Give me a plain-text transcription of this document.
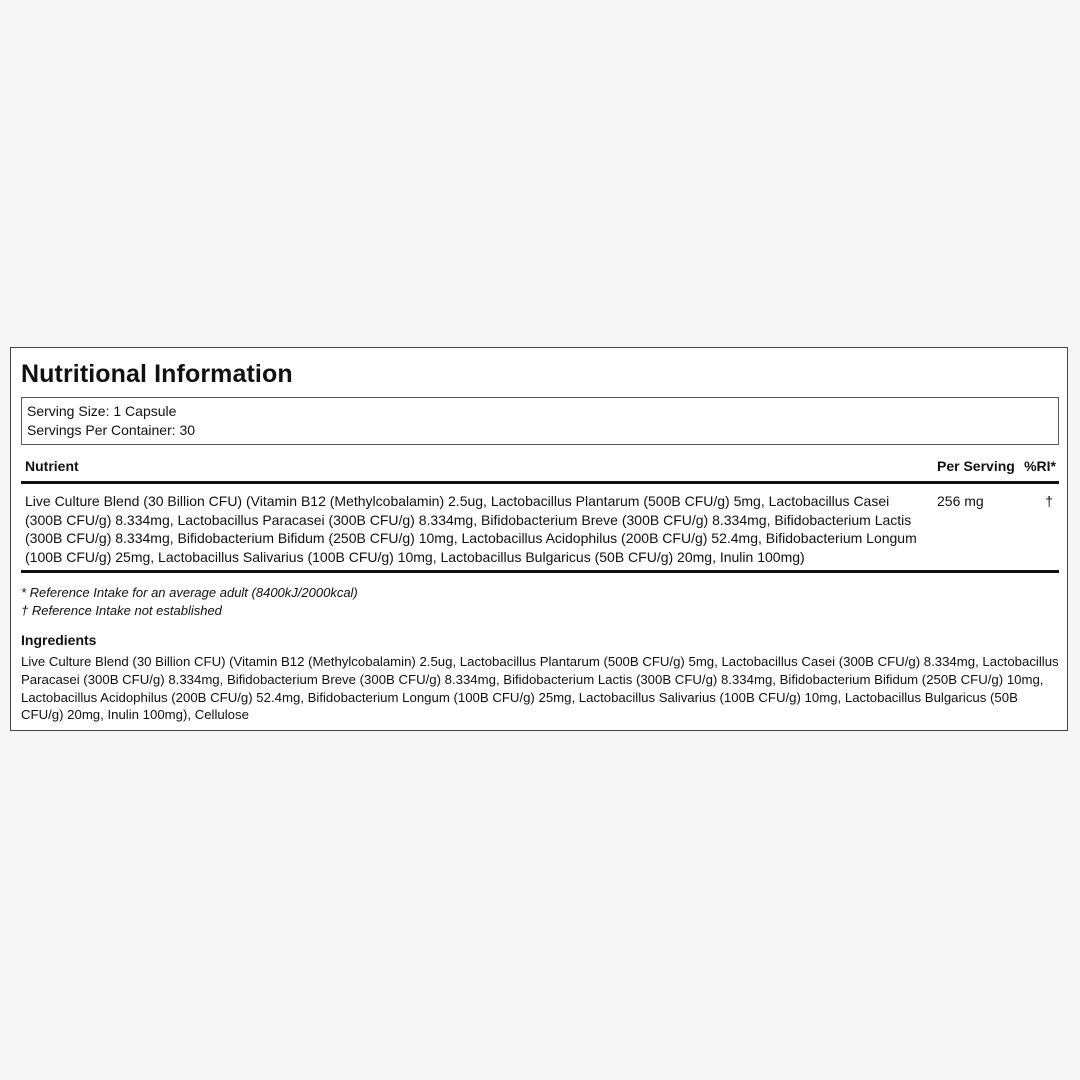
Nutritional Information
Serving Size: 1 Capsule
Servings Per Container: 30
Nutrient	Per Serving %RI*
Live Culture Blend (30 Billion CFU) (Vitamin B12 (Methylcobalamin) 2.5ug, Lactobacillus Plantarum (500B CFU/g) 5mg, Lactobacillus Casei (300B CFU/g) 8.334mg, Lactobacillus Paracasei (300B CFU/g) 8.334mg, Bifidobacterium Breve (300B CFU/g) 8.334mg, Bifidobacterium Lactis (300B CFU/g) 8.334mg, Bifidobacterium Bifidum (250B CFU/g) 10mg, Lactobacillus Acidophilus (200B CFU/g) 52.4mg, Bifidobacterium Longum (100B CFU/g) 25mg, Lactobacillus Salivarius (100B CFU/g) 10mg, Lactobacillus Bulgaricus (50B CFU/g) 20mg, Inulin 100mg)
256 mg	†
* Reference Intake for an average adult (8400kJ/2000kcal)
† Reference Intake not established
Ingredients
Live Culture Blend (30 Billion CFU) (Vitamin B12 (Methylcobalamin) 2.5ug, Lactobacillus Plantarum (500B CFU/g) 5mg, Lactobacillus Casei (300B CFU/g) 8.334mg, Lactobacillus Paracasei (300B CFU/g) 8.334mg, Bifidobacterium Breve (300B CFU/g) 8.334mg, Bifidobacterium Lactis (300B CFU/g) 8.334mg, Bifidobacterium Bifidum (250B CFU/g) 10mg, Lactobacillus Acidophilus (200B CFU/g) 52.4mg, Bifidobacterium Longum (100B CFU/g) 25mg, Lactobacillus Salivarius (100B CFU/g) 10mg, Lactobacillus Bulgaricus (50B CFU/g) 20mg, Inulin 100mg), Cellulose
